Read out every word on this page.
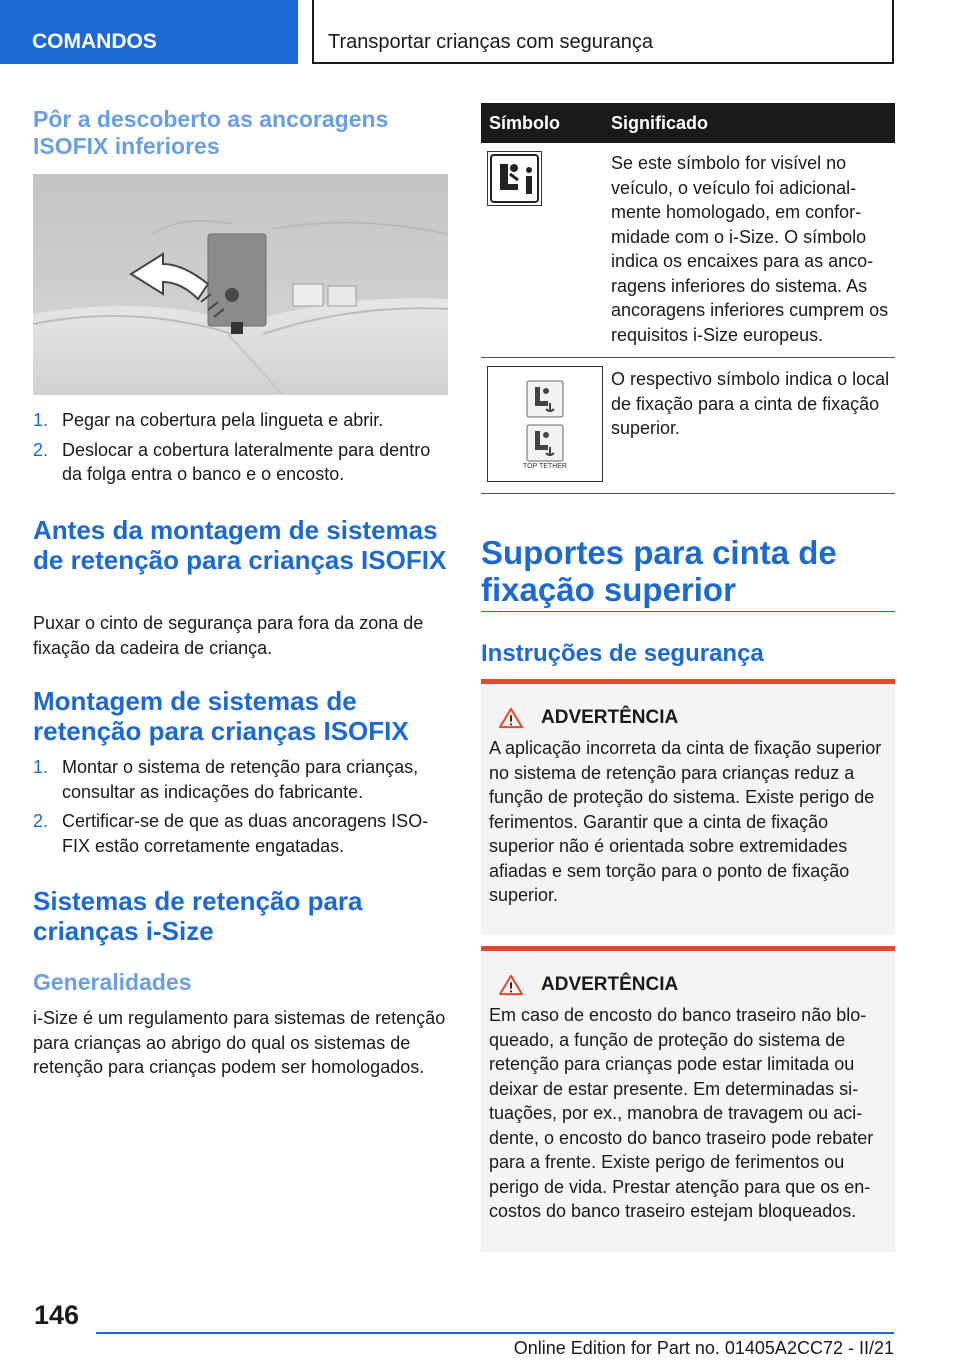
COMANDOS	Transportar crianças com segurança
Pôr a descoberto as ancoragens ISOFIX inferiores
1. Pegar na cobertura pela lingueta e abrir.
2. Deslocar a cobertura lateralmente para dentro da folga entra o banco e o encosto.
Antes da montagem de sistemas de retenção para crianças ISOFIX
Puxar o cinto de segurança para fora da zona de fixação da cadeira de criança.
Montagem de sistemas de retenção para crianças ISOFIX
1. Montar o sistema de retenção para crianças, consultar as indicações do fabricante.
2. Certificar-se de que as duas ancoragens ISOFIX estão corretamente engatadas.
Sistemas de retenção para crianças i-Size
Generalidades
i-Size é um regulamento para sistemas de retenção para crianças ao abrigo do qual os sistemas de retenção para crianças podem ser homologados.
Símbolo	Significado
Se este símbolo for visível no veículo, o veículo foi adicionalmente homologado, em conformidade com o i-Size. O símbolo indica os encaixes para as ancoragens inferiores do sistema. As ancoragens inferiores cumprem os requisitos i-Size europeus.
TOP TETHER
O respectivo símbolo indica o local de fixação para a cinta de fixação superior.
Suportes para cinta de fixação superior
Instruções de segurança
ADVERTÊNCIA
A aplicação incorreta da cinta de fixação superior no sistema de retenção para crianças reduz a função de proteção do sistema. Existe perigo de ferimentos. Garantir que a cinta de fixação superior não é orientada sobre extremidades afiadas e sem torção para o ponto de fixação superior.
ADVERTÊNCIA
Em caso de encosto do banco traseiro não bloqueado, a função de proteção do sistema de retenção para crianças pode estar limitada ou deixar de estar presente. Em determinadas situações, por ex., manobra de travagem ou acidente, o encosto do banco traseiro pode rebater para a frente. Existe perigo de ferimentos ou perigo de vida. Prestar atenção para que os encostos do banco traseiro estejam bloqueados.
146
Online Edition for Part no. 01405A2CC72 - II/21
